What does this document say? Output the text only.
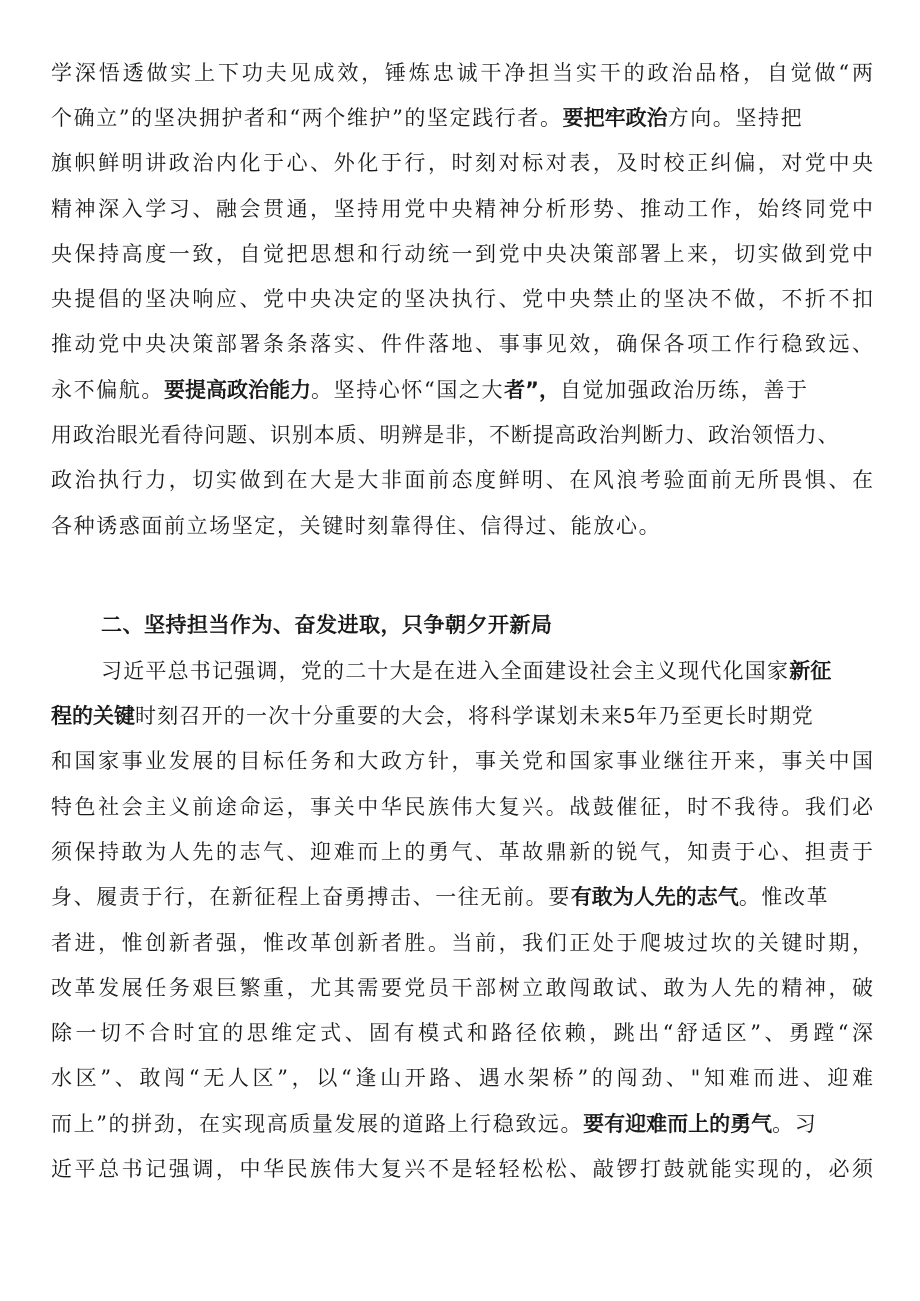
学深悟透做实上下功夫见成效，锤炼忠诚干净担当实干的政治品格，自觉做“两
个确立”的坚决拥护者和“两个维护”的坚定践行者。要把牢政治方向。坚持把
旗帜鲜明讲政治内化于心、外化于行，时刻对标对表，及时校正纠偏，对党中央
精神深入学习、融会贯通，坚持用党中央精神分析形势、推动工作，始终同党中
央保持高度一致，自觉把思想和行动统一到党中央决策部署上来，切实做到党中
央提倡的坚决响应、党中央决定的坚决执行、党中央禁止的坚决不做，不折不扣
推动党中央决策部署条条落实、件件落地、事事见效，确保各项工作行稳致远、
永不偏航。要提高政治能力。坚持心怀“国之大者”，自觉加强政治历练，善于
用政治眼光看待问题、识别本质、明辨是非，不断提高政治判断力、政治领悟力、
政治执行力，切实做到在大是大非面前态度鲜明、在风浪考验面前无所畏惧、在
各种诱惑面前立场坚定，关键时刻靠得住、信得过、能放心。
二、坚持担当作为、奋发进取，只争朝夕开新局
习近平总书记强调，党的二十大是在进入全面建设社会主义现代化国家新征
程的关键时刻召开的一次十分重要的大会，将科学谋划未来5年乃至更长时期党
和国家事业发展的目标任务和大政方针，事关党和国家事业继往开来，事关中国
特色社会主义前途命运，事关中华民族伟大复兴。战鼓催征，时不我待。我们必
须保持敢为人先的志气、迎难而上的勇气、革故鼎新的锐气，知责于心、担责于
身、履责于行，在新征程上奋勇搏击、一往无前。要有敢为人先的志气。惟改革
者进，惟创新者强，惟改革创新者胜。当前，我们正处于爬坡过坎的关键时期，
改革发展任务艰巨繁重，尤其需要党员干部树立敢闯敢试、敢为人先的精神，破
除一切不合时宜的思维定式、固有模式和路径依赖，跳出“舒适区”、勇蹚“深
水区”、敢闯“无人区”，以“逢山开路、遇水架桥”的闯劲、"知难而进、迎难
而上”的拼劲，在实现高质量发展的道路上行稳致远。要有迎难而上的勇气。习
近平总书记强调，中华民族伟大复兴不是轻轻松松、敲锣打鼓就能实现的，必须
